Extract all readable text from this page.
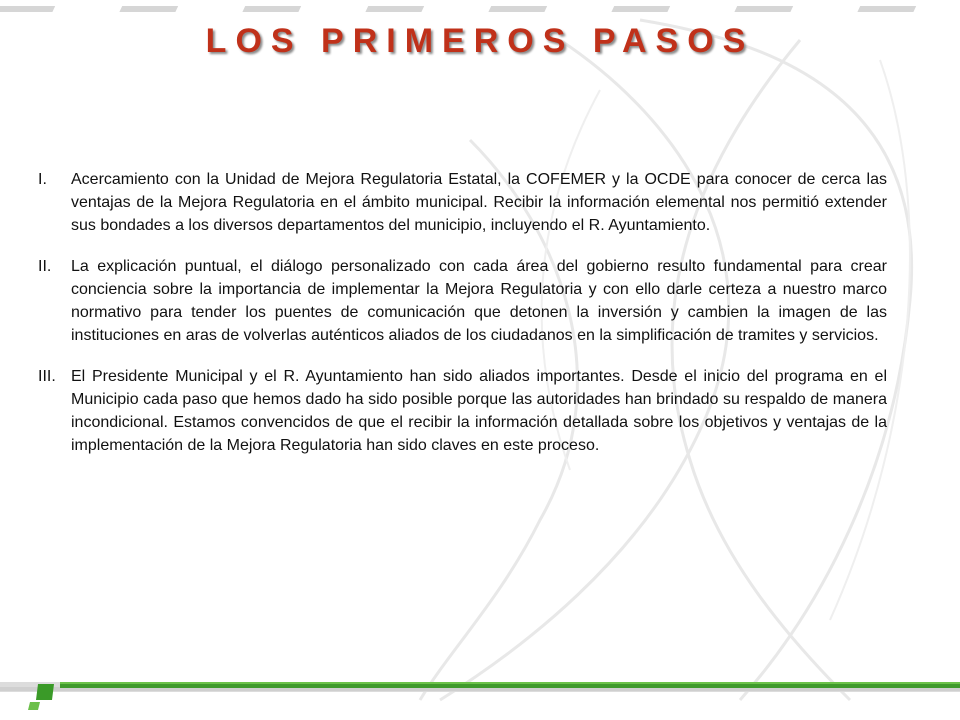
LOS PRIMEROS PASOS
I.	Acercamiento con la Unidad de Mejora Regulatoria Estatal, la COFEMER y la OCDE para conocer de cerca las ventajas de la Mejora Regulatoria en el ámbito municipal. Recibir la información elemental nos permitió extender sus bondades a los diversos departamentos del municipio, incluyendo el R. Ayuntamiento.
II.	La explicación puntual, el diálogo personalizado con cada área del gobierno resulto fundamental para crear conciencia sobre la importancia de implementar la Mejora Regulatoria y con ello darle certeza a nuestro marco normativo para tender los puentes de comunicación que detonen la inversión y cambien la imagen de las instituciones en aras de volverlas auténticos aliados de los ciudadanos en la simplificación de tramites y servicios.
III. El Presidente Municipal y el R. Ayuntamiento han sido aliados importantes. Desde el inicio del programa en el Municipio cada paso que hemos dado ha sido posible porque las autoridades han brindado su respaldo de manera incondicional. Estamos convencidos de que el recibir la información detallada sobre los objetivos y ventajas de la implementación de la Mejora Regulatoria han sido claves en este proceso.
